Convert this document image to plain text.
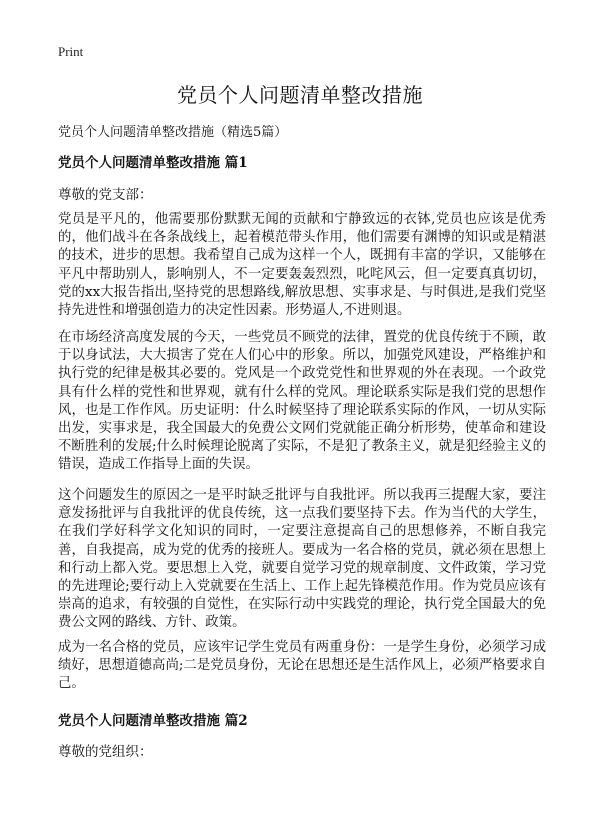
Print
党员个人问题清单整改措施
党员个人问题清单整改措施（精选5篇）
党员个人问题清单整改措施 篇1
尊敬的党支部：

党员是平凡的，他需要那份默默无闻的贡献和宁静致远的衣钵,党员也应该是优秀的，他们战斗在各条战线上，起着模范带头作用，他们需要有渊博的知识或是精湛的技术，进步的思想。我希望自己成为这样一个人，既拥有丰富的学识，又能够在平凡中帮助别人，影响别人，不一定要轰轰烈烈，叱咤风云，但一定要真真切切，党的xx大报告指出,坚持党的思想路线,解放思想、实事求是、与时俱进,是我们党坚持先进性和增强创造力的决定性因素。形势逼人,不进则退。

在市场经济高度发展的今天，一些党员不顾党的法律，置党的优良传统于不顾，敢于以身试法，大大损害了党在人们心中的形象。所以，加强党风建设，严格维护和执行党的纪律是极其必要的。党风是一个政党党性和世界观的外在表现。一个政党具有什么样的党性和世界观，就有什么样的党风。理论联系实际是我们党的思想作风，也是工作作风。历史证明：什么时候坚持了理论联系实际的作风，一切从实际出发，实事求是，我全国最大的免费公文网们党就能正确分析形势，使革命和建设不断胜利的发展;什么时候理论脱离了实际，不是犯了教条主义，就是犯经验主义的错误，造成工作指导上面的失误。

这个问题发生的原因之一是平时缺乏批评与自我批评。所以我再三提醒大家，要注意发扬批评与自我批评的优良传统，这一点我们要坚持下去。作为当代的大学生，在我们学好科学文化知识的同时，一定要注意提高自己的思想修养，不断自我完善，自我提高，成为党的优秀的接班人。要成为一名合格的党员，就必须在思想上和行动上都入党。要思想上入党，就要自觉学习党的规章制度、文件政策，学习党的先进理论;要行动上入党就要在生活上、工作上起先锋模范作用。作为党员应该有崇高的追求，有较强的自觉性，在实际行动中实践党的理论，执行党全国最大的免费公文网的路线、方针、政策。

成为一名合格的党员，应该牢记学生党员有两重身份：一是学生身份，必须学习成绩好，思想道德高尚;二是党员身份，无论在思想还是生活作风上，必须严格要求自己。

党员个人问题清单整改措施 篇2
尊敬的党组织：
